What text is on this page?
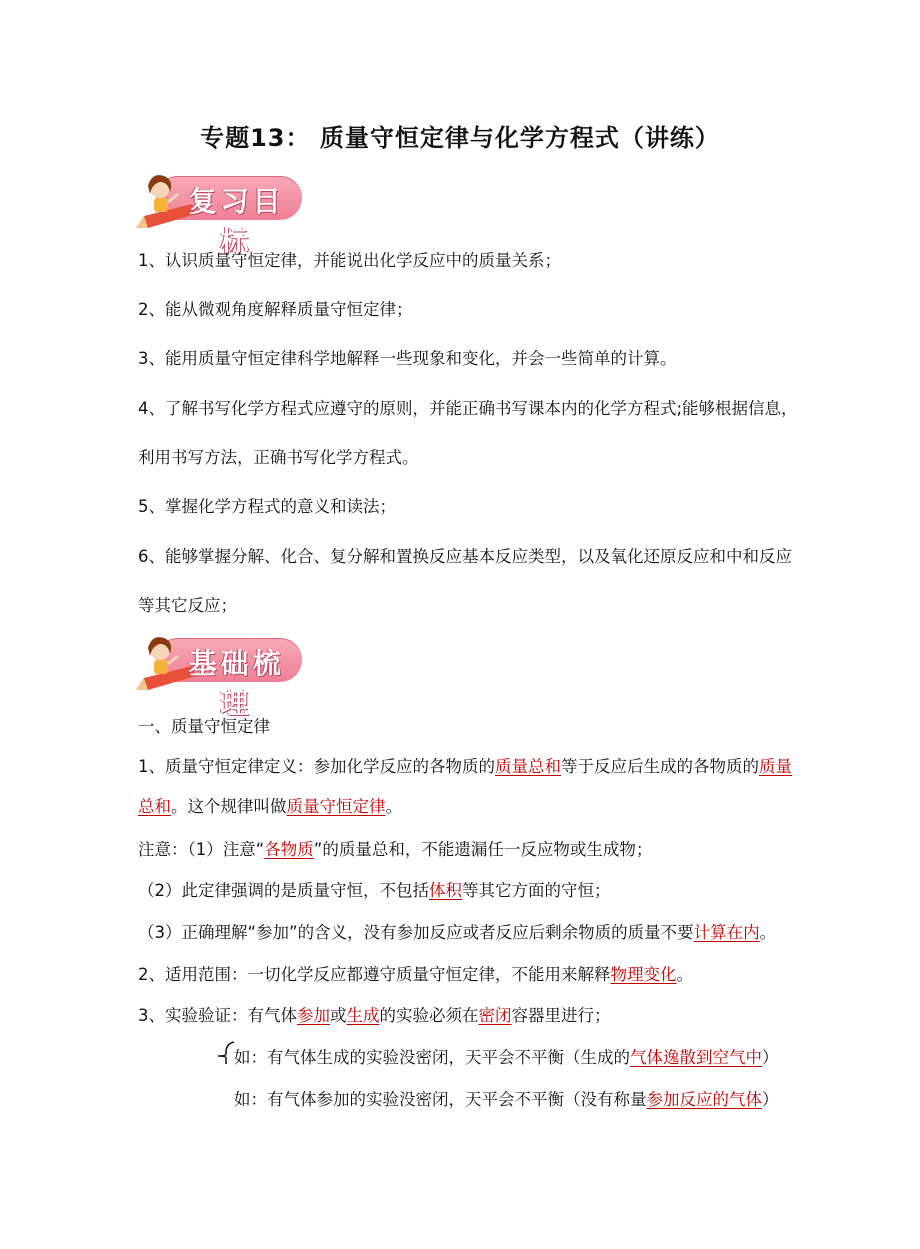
专题13： 质量守恒定律与化学方程式（讲练）
复习目标
1、认识质量守恒定律，并能说出化学反应中的质量关系；
2、能从微观角度解释质量守恒定律；
3、能用质量守恒定律科学地解释一些现象和变化，并会一些简单的计算。
4、了解书写化学方程式应遵守的原则，并能正确书写课本内的化学方程式;能够根据信息，
利用书写方法，正确书写化学方程式。
5、掌握化学方程式的意义和读法；
6、能够掌握分解、化合、复分解和置换反应基本反应类型，以及氧化还原反应和中和反应
等其它反应；
基础梳理
一、质量守恒定律
1、质量守恒定律定义：参加化学反应的各物质的质量总和等于反应后生成的各物质的质量
总和。这个规律叫做质量守恒定律。
注意：（1）注意“各物质”的质量总和，不能遗漏任一反应物或生成物；
（2）此定律强调的是质量守恒，不包括体积等其它方面的守恒；
（3）正确理解“参加”的含义，没有参加反应或者反应后剩余物质的质量不要计算在内。
2、适用范围：一切化学反应都遵守质量守恒定律，不能用来解释物理变化。
3、实验验证：有气体参加或生成的实验必须在密闭容器里进行；
如：有气体生成的实验没密闭，天平会不平衡（生成的气体逸散到空气中）
如：有气体参加的实验没密闭，天平会不平衡（没有称量参加反应的气体）
